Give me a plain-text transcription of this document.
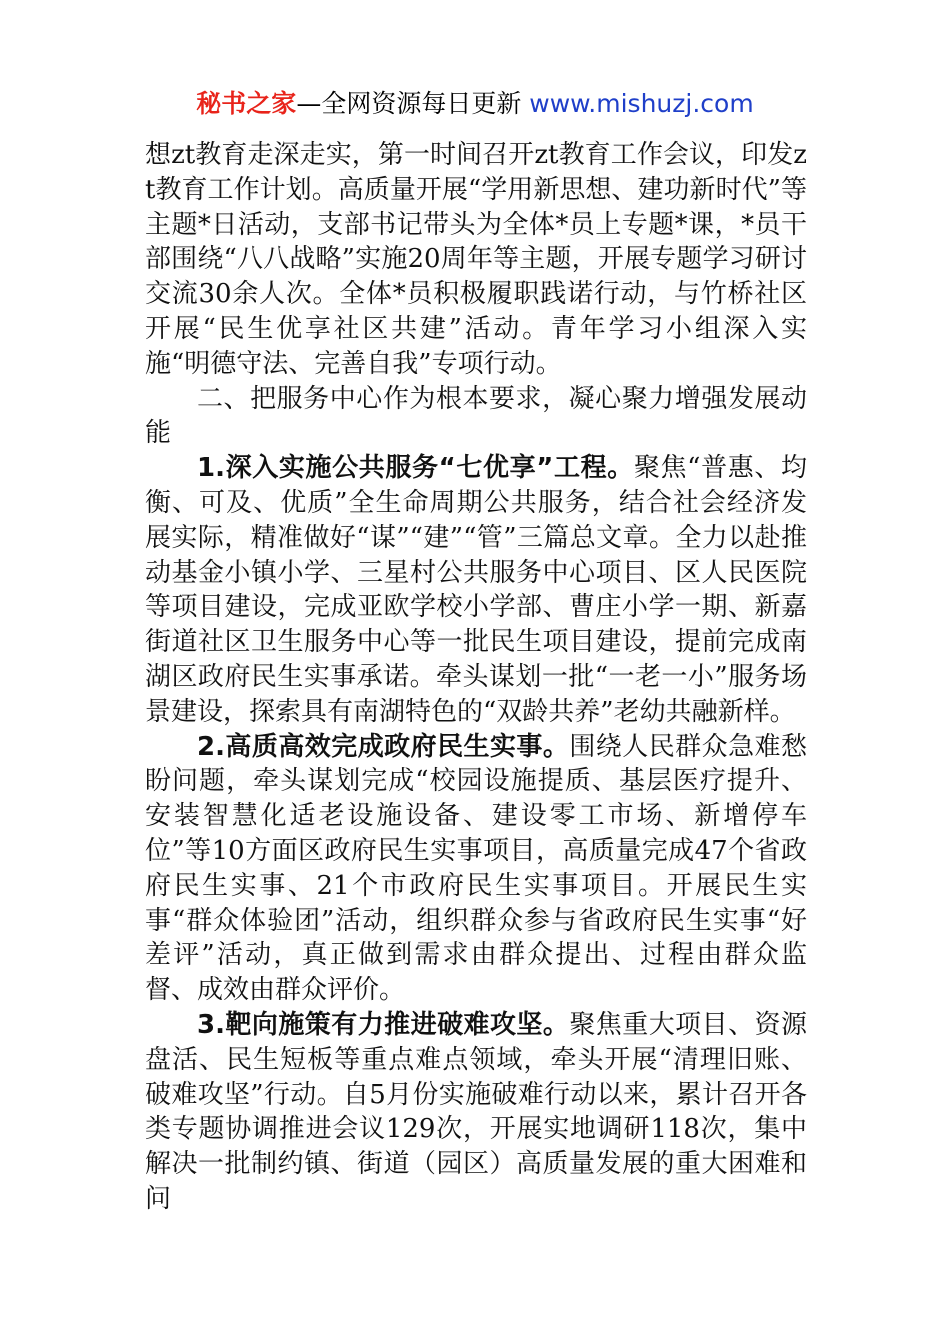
秘书之家—全网资源每日更新 www.mishuzj.com

想zt教育走深走实，第一时间召开zt教育工作会议，印发zt教育工作计划。高质量开展“学用新思想、建功新时代”等主题*日活动，支部书记带头为全体*员上专题*课，*员干部围绕“八八战略”实施20周年等主题，开展专题学习研讨交流30余人次。全体*员积极履职践诺行动，与竹桥社区开展“民生优享社区共建”活动。青年学习小组深入实施“明德守法、完善自我”专项行动。

二、把服务中心作为根本要求，凝心聚力增强发展动能

1.深入实施公共服务“七优享”工程。聚焦“普惠、均衡、可及、优质”全生命周期公共服务，结合社会经济发展实际，精准做好“谋”“建”“管”三篇总文章。全力以赴推动基金小镇小学、三星村公共服务中心项目、区人民医院等项目建设，完成亚欧学校小学部、曹庄小学一期、新嘉街道社区卫生服务中心等一批民生项目建设，提前完成南湖区政府民生实事承诺。牵头谋划一批“一老一小”服务场景建设，探索具有南湖特色的“双龄共养”老幼共融新样。

2.高质高效完成政府民生实事。围绕人民群众急难愁盼问题，牵头谋划完成“校园设施提质、基层医疗提升、安装智慧化适老设施设备、建设零工市场、新增停车位”等10方面区政府民生实事项目，高质量完成47个省政府民生实事、21个市政府民生实事项目。开展民生实事“群众体验团”活动，组织群众参与省政府民生实事“好差评”活动，真正做到需求由群众提出、过程由群众监督、成效由群众评价。

3.靶向施策有力推进破难攻坚。聚焦重大项目、资源盘活、民生短板等重点难点领域，牵头开展“清理旧账、破难攻坚”行动。自5月份实施破难行动以来，累计召开各类专题协调推进会议129次，开展实地调研118次，集中解决一批制约镇、街道（园区）高质量发展的重大困难和问
